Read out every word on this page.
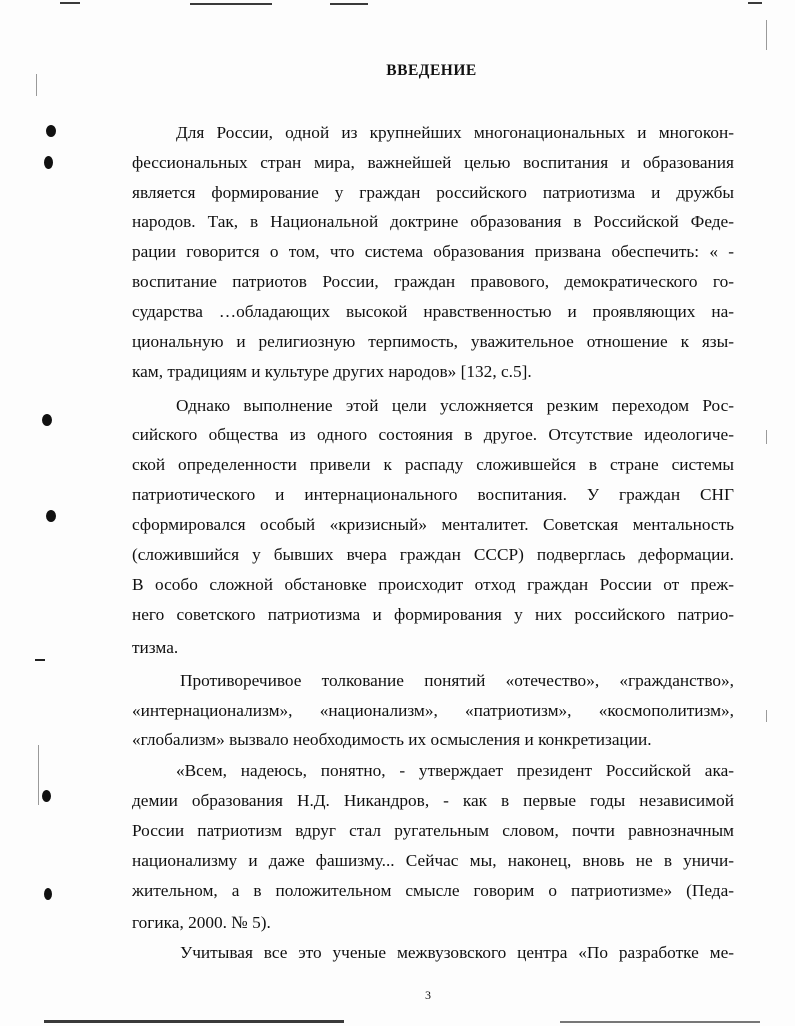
ВВЕДЕНИЕ
Для России, одной из крупнейших многонациональных и многокон-
фессиональных стран мира, важнейшей целью воспитания и образования
является формирование у граждан российского патриотизма и дружбы
народов. Так, в Национальной доктрине образования в Российской Феде-
рации говорится о том, что система образования призвана обеспечить: « -
воспитание патриотов России, граждан правового, демократического го-
сударства …обладающих высокой нравственностью и проявляющих на-
циональную и религиозную терпимость, уважительное отношение к язы-
кам, традициям и культуре других народов» [132, с.5].
Однако выполнение этой цели усложняется резким переходом Рос-
сийского общества из одного состояния в другое. Отсутствие идеологиче-
ской определенности привели к распаду сложившейся в стране системы
патриотического и интернационального воспитания. У граждан СНГ
сформировался особый «кризисный» менталитет. Советская ментальность
(сложившийся у бывших вчера граждан СССР) подверглась деформации.
В особо сложной обстановке происходит отход граждан России от преж-
него советского патриотизма и формирования у них российского патрио-
тизма.
Противоречивое толкование понятий «отечество», «гражданство»,
«интернационализм», «национализм», «патриотизм», «космополитизм»,
«глобализм» вызвало необходимость их осмысления и конкретизации.
«Всем, надеюсь, понятно, - утверждает президент Российской ака-
демии образования Н.Д. Никандров, - как в первые годы независимой
России патриотизм вдруг стал ругательным словом, почти равнозначным
национализму и даже фашизму... Сейчас мы, наконец, вновь не в уничи-
жительном, а в положительном смысле говорим о патриотизме» (Педа-
гогика, 2000. № 5).
Учитывая все это ученые межвузовского центра «По разработке ме-
3
